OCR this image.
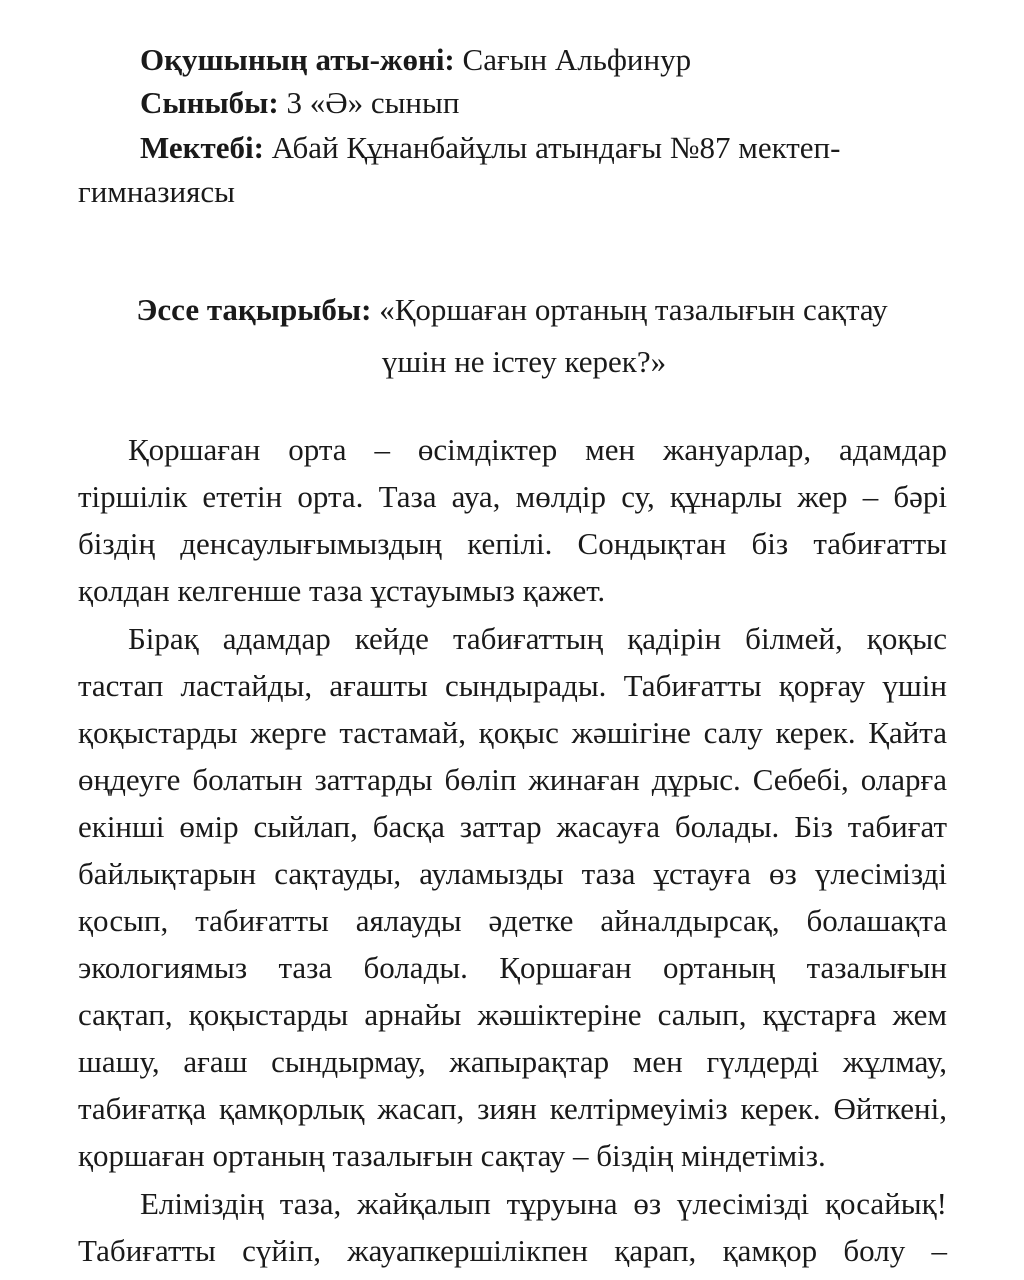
Оқушының аты-жөні: Сағын Альфинур
Сыныбы: 3 «Ә» сынып
Мектебі: Абай Құнанбайұлы атындағы №87 мектеп-гимназиясы
Эссе тақырыбы: «Қоршаған ортаның тазалығын сақтау
үшін не істеу керек?»
Қоршаған орта – өсімдіктер мен жануарлар, адамдар
тіршілік ететін орта. Таза ауа, мөлдір су, құнарлы жер – бәрі
біздің денсаулығымыздың кепілі. Сондықтан біз табиғатты
қолдан келгенше таза ұстауымыз қажет.
Бірақ адамдар кейде табиғаттың қадірін білмей, қоқыс
тастап ластайды, ағашты сындырады. Табиғатты қорғау үшін
қоқыстарды жерге тастамай, қоқыс жәшігіне салу керек. Қайта
өңдеуге болатын заттарды бөліп жинаған дұрыс. Себебі, оларға
екінші өмір сыйлап, басқа заттар жасауға болады. Біз табиғат
байлықтарын сақтауды, ауламызды таза ұстауға өз үлесімізді
қосып, табиғатты аялауды әдетке айналдырсақ, болашақта
экологиямыз таза болады. Қоршаған ортаның тазалығын
сақтап, қоқыстарды арнайы жәшіктеріне салып, құстарға жем
шашу, ағаш сындырмау, жапырақтар мен гүлдерді жұлмау,
табиғатқа қамқорлық жасап, зиян келтірмеуіміз керек. Өйткені,
қоршаған ортаның тазалығын сақтау – біздің міндетіміз.
Еліміздің таза, жайқалып тұруына өз үлесімізді қосайық!
Табиғатты сүйіп, жауапкершілікпен қарап, қамқор болу –
